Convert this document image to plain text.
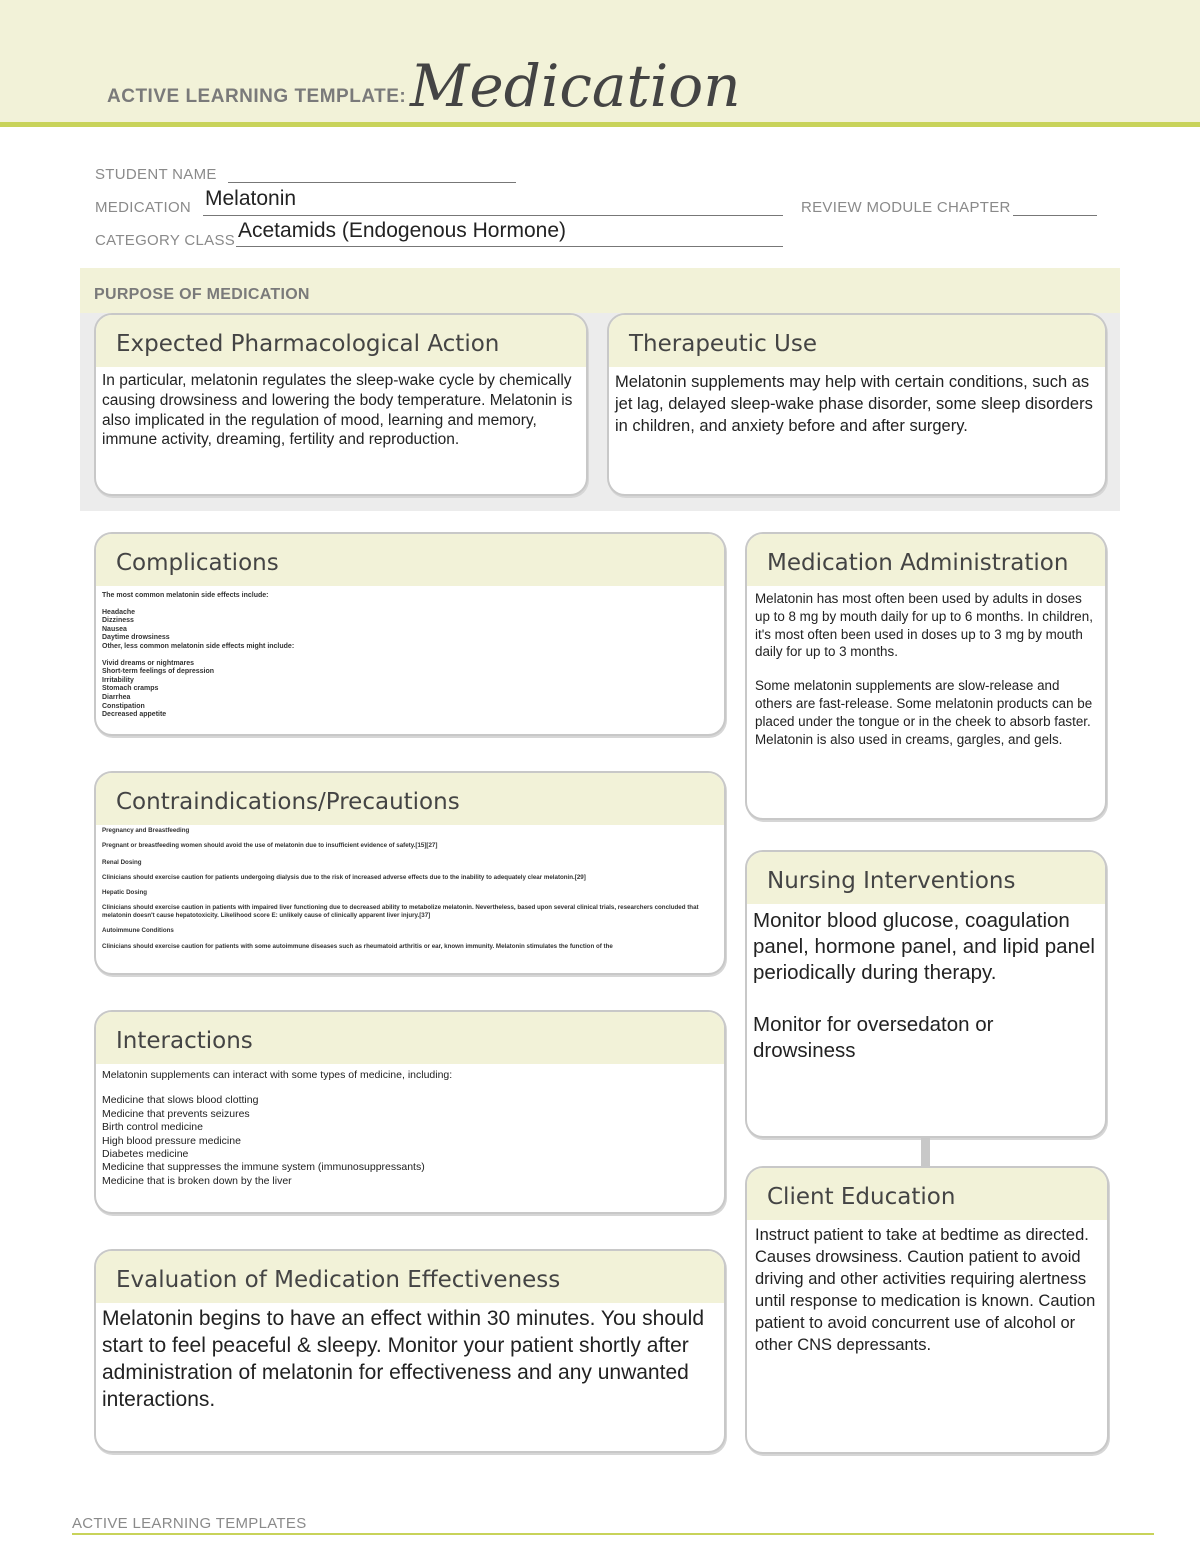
ACTIVE LEARNING TEMPLATE: Medication
STUDENT NAME
MEDICATION Melatonin	REVIEW MODULE CHAPTER
CATEGORY CLASS Acetamids (Endogenous Hormone)
PURPOSE OF MEDICATION
Expected Pharmacological Action
In particular, melatonin regulates the sleep-wake cycle by chemically causing drowsiness and lowering the body temperature. Melatonin is also implicated in the regulation of mood, learning and memory, immune activity, dreaming, fertility and reproduction.
Therapeutic Use
Melatonin supplements may help with certain conditions, such as jet lag, delayed sleep-wake phase disorder, some sleep disorders in children, and anxiety before and after surgery.
Complications

The most common melatonin side effects include:

Headache

Dizziness

Nausea

Daytime drowsiness

Other, less common melatonin side effects might include:

Vivid dreams or nightmares

Short-term feelings of depression

Irritability

Stomach cramps

Diarrhea

Constipation

Decreased appetite

Contraindications/Precautions

Pregnancy and Breastfeeding

Pregnant or breastfeeding women should avoid the use of melatonin due to insufficient evidence of safety.[15][27]

Renal Dosing

Clinicians should exercise caution for patients undergoing dialysis due to the risk of increased adverse effects due to the inability to adequately clear melatonin.[29]

Hepatic Dosing

Clinicians should exercise caution in patients with impaired liver functioning due to decreased ability to metabolize melatonin. Nevertheless, based upon several clinical trials, researchers concluded that melatonin doesn't cause hepatotoxicity. Likelihood score E: unlikely cause of clinically apparent liver injury.[37]

Autoimmune Conditions

Clinicians should exercise caution for patients with some autoimmune diseases such as rheumatoid arthritis or ear, known immunity. Melatonin stimulates the function of the

Interactions

Melatonin supplements can interact with some types of medicine, including:

Medicine that slows blood clotting

Medicine that prevents seizures

Birth control medicine

High blood pressure medicine

Diabetes medicine

Medicine that suppresses the immune system (immunosuppressants)

Medicine that is broken down by the liver

Evaluation of Medication Effectiveness
Melatonin begins to have an effect within 30 minutes. You should start to feel peaceful & sleepy. Monitor your patient shortly after administration of melatonin for effectiveness and any unwanted interactions.
Medication Administration

Melatonin has most often been used by adults in doses up to 8 mg by mouth daily for up to 6 months. In children, it's most often been used in doses up to 3 mg by mouth daily for up to 3 months.

Some melatonin supplements are slow-release and others are fast-release. Some melatonin products can be placed under the tongue or in the cheek to absorb faster. Melatonin is also used in creams, gargles, and gels.

Nursing Interventions

Monitor blood glucose, coagulation panel, hormone panel, and lipid panel periodically during therapy.

Monitor for oversedaton or drowsiness

Client Education
Instruct patient to take at bedtime as directed. Causes drowsiness. Caution patient to avoid driving and other activities requiring alertness until response to medication is known. Caution patient to avoid concurrent use of alcohol or other CNS depressants.
ACTIVE LEARNING TEMPLATES
